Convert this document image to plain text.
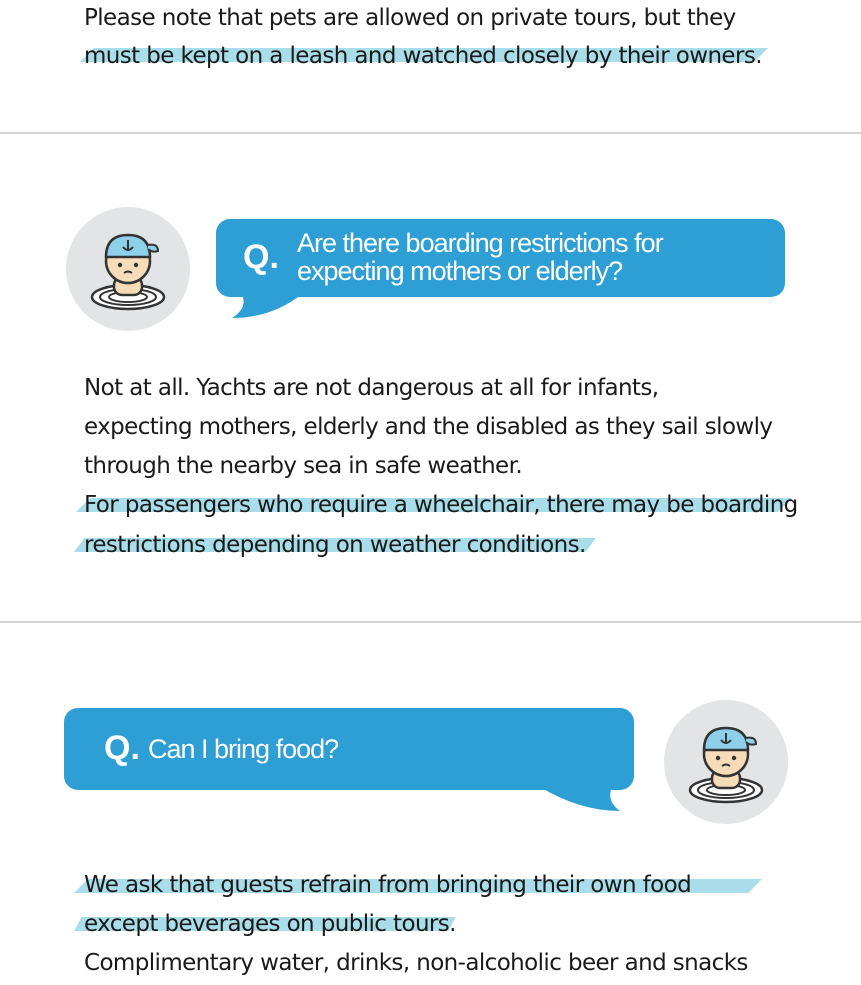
Please note that pets are allowed on private tours, but they
must be kept on a leash and watched closely by their owners.
Q. Are there boarding restrictions for
expecting mothers or elderly?
Not at all. Yachts are not dangerous at all for infants,
expecting mothers, elderly and the disabled as they sail slowly
through the nearby sea in safe weather.
For passengers who require a wheelchair, there may be boarding
restrictions depending on weather conditions.
Q. Can I bring food?
We ask that guests refrain from bringing their own food
except beverages on public tours.
Complimentary water, drinks, non-alcoholic beer and snacks
